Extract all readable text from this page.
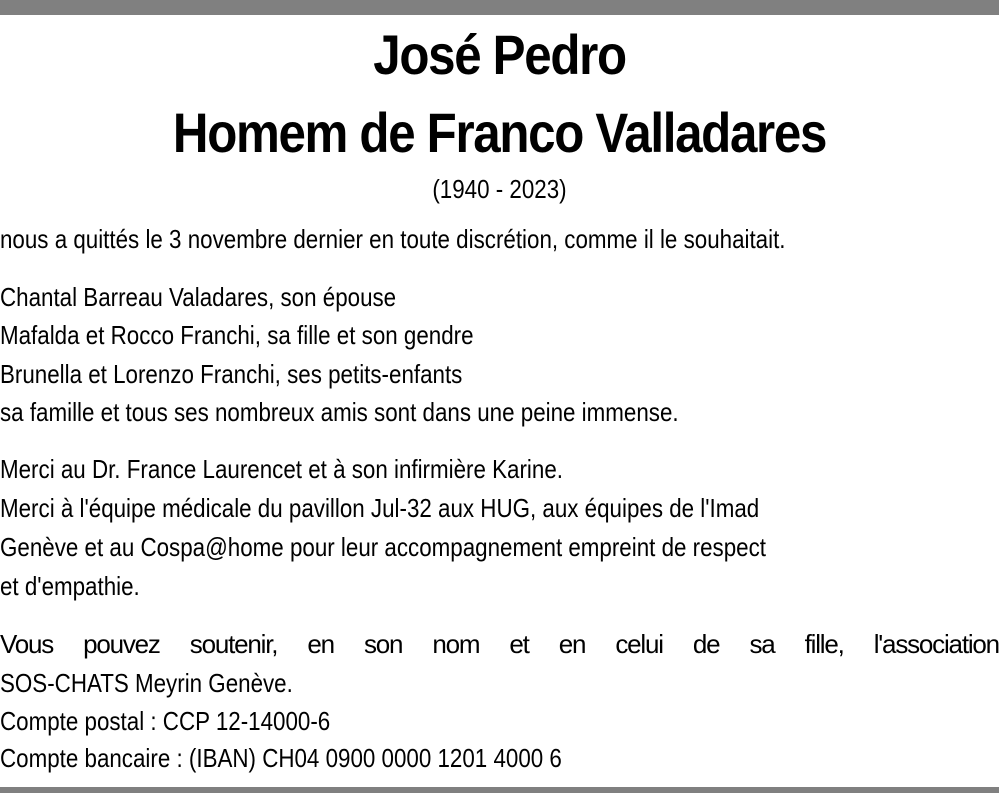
José Pedro
Homem de Franco Valladares
(1940 - 2023)
nous a quittés le 3 novembre dernier en toute discrétion, comme il le souhaitait.
Chantal Barreau Valadares, son épouse
Mafalda et Rocco Franchi, sa fille et son gendre
Brunella et Lorenzo Franchi, ses petits-enfants
sa famille et tous ses nombreux amis sont dans une peine immense.
Merci au Dr. France Laurencet et à son infirmière Karine.
Merci à l'équipe médicale du pavillon Jul-32 aux HUG, aux équipes de l'Imad
Genève et au Cospa@home pour leur accompagnement empreint de respect
et d'empathie.
Vous pouvez soutenir, en son nom et en celui de sa fille, l'association
SOS-CHATS Meyrin Genève.
Compte postal : CCP 12-14000-6
Compte bancaire : (IBAN) CH04 0900 0000 1201 4000 6
